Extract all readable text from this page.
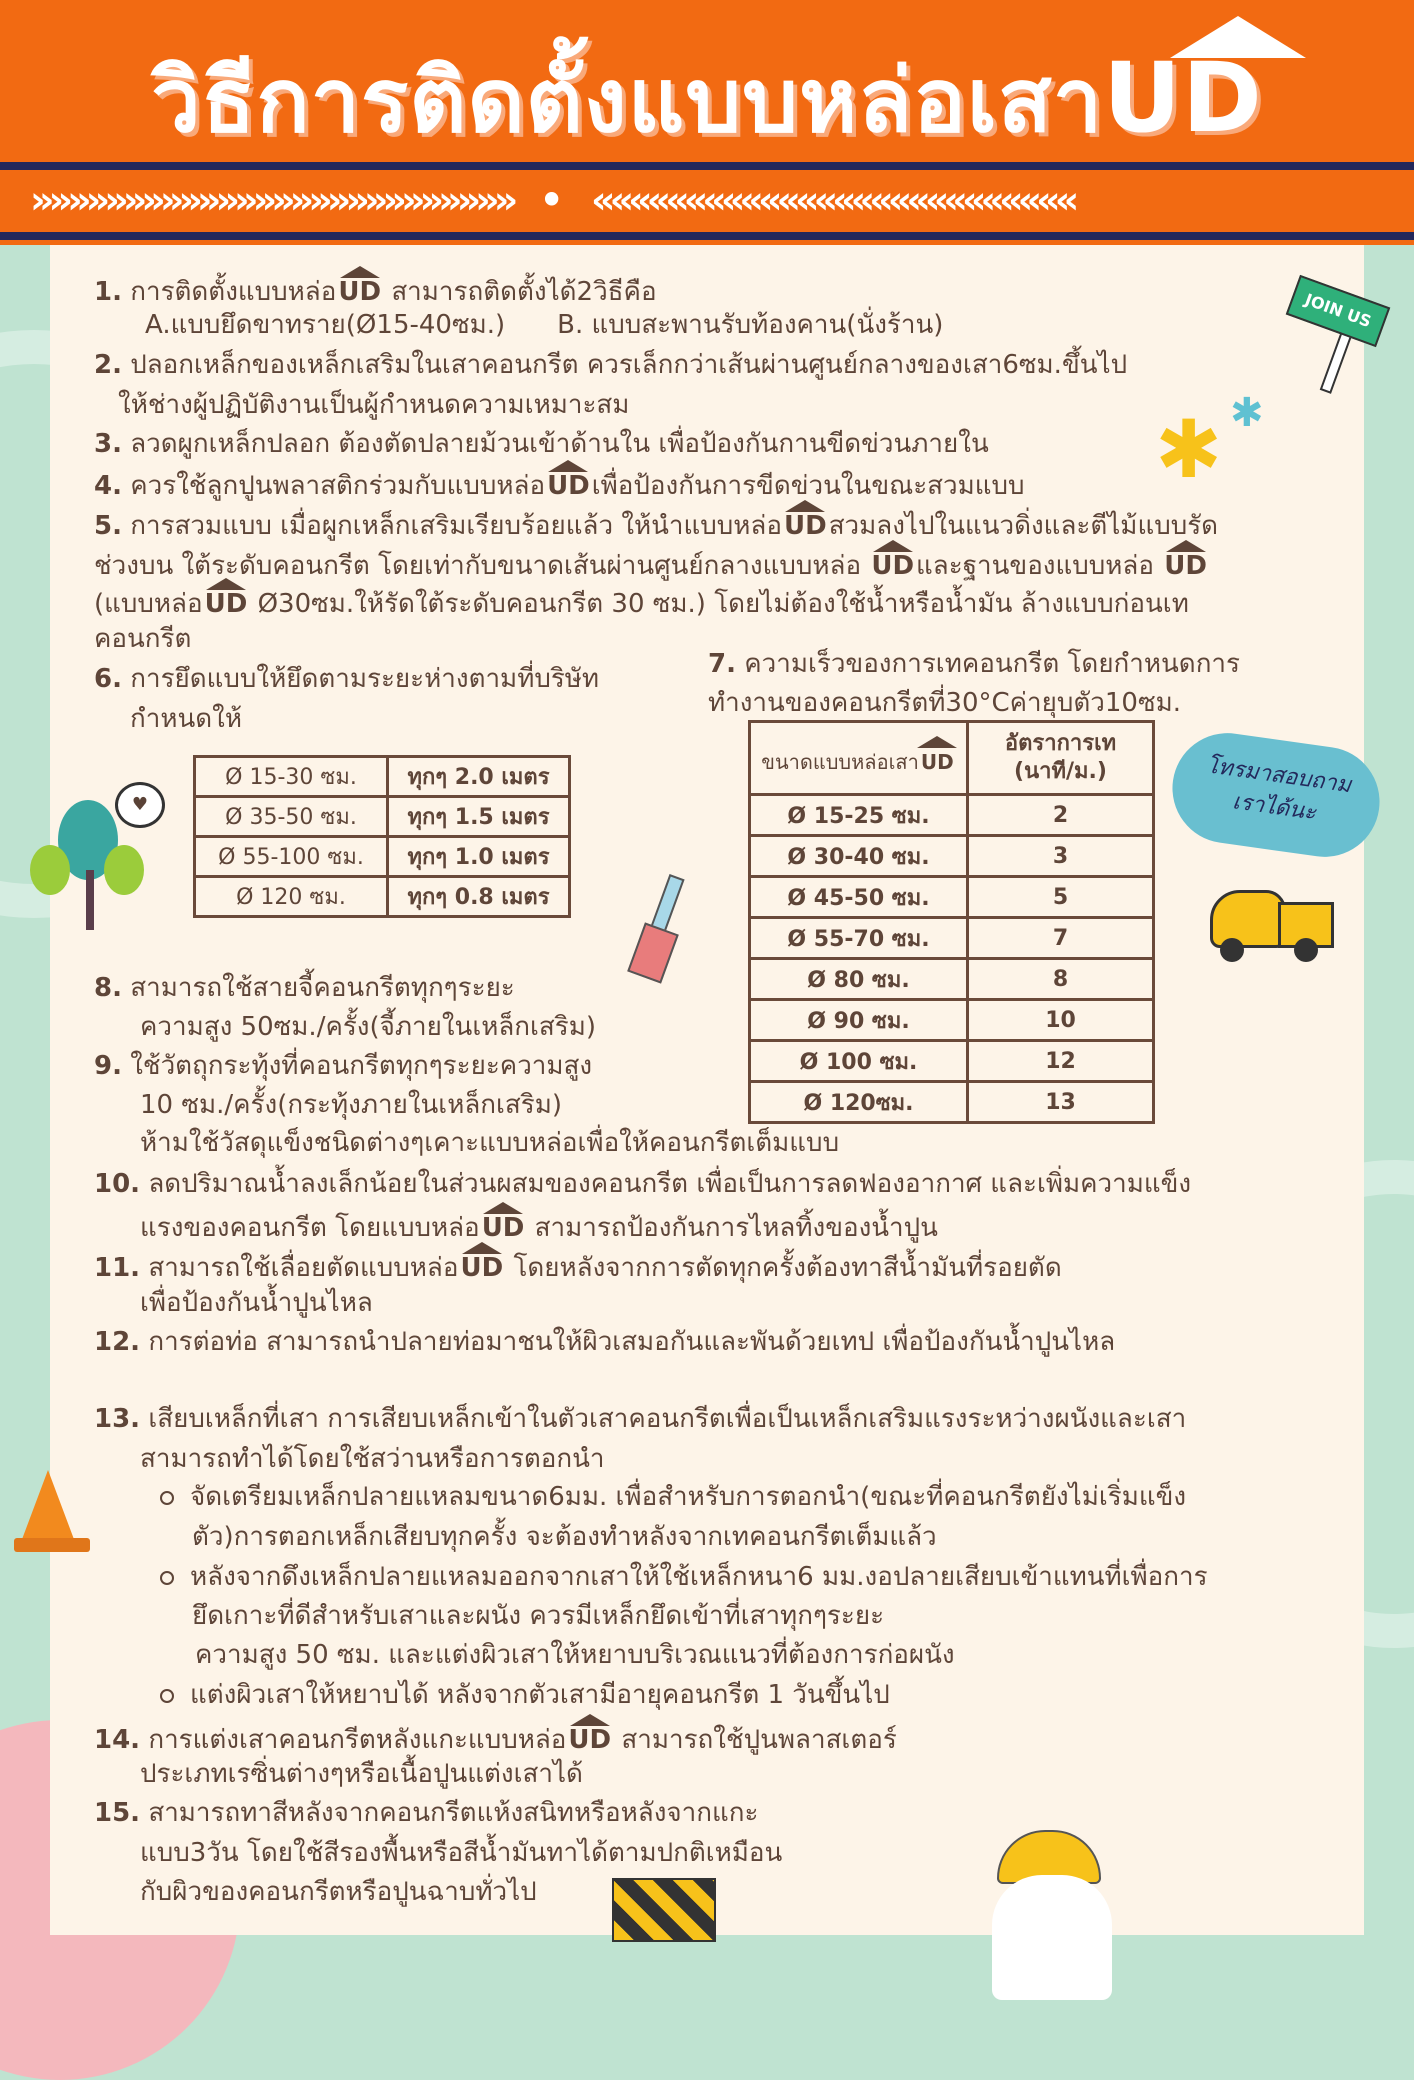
วิธีการติดตั้งแบบหล่อเสาUD
»»»»»»»»»»»»»»»»»»»»»»»»»» • ««««««««««««««««««««««««««
1. การติดตั้งแบบหล่อUD สามารถติดตั้งได้2วิธีคือ
A.แบบยึดขาทราย(Ø15-40ซม.) B. แบบสะพานรับท้องคาน(นั่งร้าน)
2. ปลอกเหล็กของเหล็กเสริมในเสาคอนกรีต ควรเล็กกว่าเส้นผ่านศูนย์กลางของเสา6ซม.ขึ้นไป
ให้ช่างผู้ปฏิบัติงานเป็นผู้กำหนดความเหมาะสม
3. ลวดผูกเหล็กปลอก ต้องตัดปลายม้วนเข้าด้านใน เพื่อป้องกันกานขีดข่วนภายใน
4. ควรใช้ลูกปูนพลาสติกร่วมกับแบบหล่อUDเพื่อป้องกันการขีดข่วนในขณะสวมแบบ
5. การสวมแบบ เมื่อผูกเหล็กเสริมเรียบร้อยแล้ว ให้นำแบบหล่อUDสวมลงไปในแนวดิ่งและตีไม้แบบรัด
ช่วงบน ใต้ระดับคอนกรีต โดยเท่ากับขนาดเส้นผ่านศูนย์กลางแบบหล่อ UDและฐานของแบบหล่อ UD
(แบบหล่อUD Ø30ซม.ให้รัดใต้ระดับคอนกรีต 30 ซม.) โดยไม่ต้องใช้น้ำหรือน้ำมัน ล้างแบบก่อนเท
คอนกรีต
6. การยึดแบบให้ยึดตามระยะห่างตามที่บริษัท
กำหนดให้
Ø 15-30 ซม.	ทุกๆ 2.0 เมตร
Ø 35-50 ซม.	ทุกๆ 1.5 เมตร
Ø 55-100 ซม.	ทุกๆ 1.0 เมตร
Ø 120 ซม.	ทุกๆ 0.8 เมตร
7. ความเร็วของการเทคอนกรีต โดยกำหนดการ
ทำงานของคอนกรีตที่30°Cค่ายุบตัว10ซม.
ขนาดแบบหล่อเสา UD	อัตราการเท
(นาที/ม.)
Ø 15-25 ซม.	2
Ø 30-40 ซม.	3
Ø 45-50 ซม.	5
Ø 55-70 ซม.	7
Ø 80 ซม.	8
Ø 90 ซม.	10
Ø 100 ซม.	12
Ø 120ซม.	13
8. สามารถใช้สายจี้คอนกรีตทุกๆระยะ
ความสูง 50ซม./ครั้ง(จี้ภายในเหล็กเสริม)
9. ใช้วัตถุกระทุ้งที่คอนกรีตทุกๆระยะความสูง
10 ซม./ครั้ง(กระทุ้งภายในเหล็กเสริม)
ห้ามใช้วัสดุแข็งชนิดต่างๆเคาะแบบหล่อเพื่อให้คอนกรีตเต็มแบบ
10. ลดปริมาณน้ำลงเล็กน้อยในส่วนผสมของคอนกรีต เพื่อเป็นการลดฟองอากาศ และเพิ่มความแข็ง
แรงของคอนกรีต โดยแบบหล่อUD สามารถป้องกันการไหลทิ้งของน้ำปูน
11. สามารถใช้เลื่อยตัดแบบหล่อUD โดยหลังจากการตัดทุกครั้งต้องทาสีน้ำมันที่รอยตัด
เพื่อป้องกันน้ำปูนไหล
12. การต่อท่อ สามารถนำปลายท่อมาชนให้ผิวเสมอกันและพันด้วยเทป เพื่อป้องกันน้ำปูนไหล
13. เสียบเหล็กที่เสา การเสียบเหล็กเข้าในตัวเสาคอนกรีตเพื่อเป็นเหล็กเสริมแรงระหว่างผนังและเสา
สามารถทำได้โดยใช้สว่านหรือการตอกนำ
จัดเตรียมเหล็กปลายแหลมขนาด6มม. เพื่อสำหรับการตอกนำ(ขณะที่คอนกรีตยังไม่เริ่มแข็ง
ตัว)การตอกเหล็กเสียบทุกครั้ง จะต้องทำหลังจากเทคอนกรีตเต็มแล้ว
หลังจากดึงเหล็กปลายแหลมออกจากเสาให้ใช้เหล็กหนา6 มม.งอปลายเสียบเข้าแทนที่เพื่อการ
ยึดเกาะที่ดีสำหรับเสาและผนัง ควรมีเหล็กยึดเข้าที่เสาทุกๆระยะ
ความสูง 50 ซม. และแต่งผิวเสาให้หยาบบริเวณแนวที่ต้องการก่อผนัง
แต่งผิวเสาให้หยาบได้ หลังจากตัวเสามีอายุคอนกรีต 1 วันขึ้นไป
14. การแต่งเสาคอนกรีตหลังแกะแบบหล่อUD สามารถใช้ปูนพลาสเตอร์
ประเภทเรซิ่นต่างๆหรือเนื้อปูนแต่งเสาได้
15. สามารถทาสีหลังจากคอนกรีตแห้งสนิทหรือหลังจากแกะ
แบบ3วัน โดยใช้สีรองพื้นหรือสีน้ำมันทาได้ตามปกติเหมือน
กับผิวของคอนกรีตหรือปูนฉาบทั่วไป
JOIN US
✱ ✱
โทรมาสอบถาม
เราได้นะ
♥
